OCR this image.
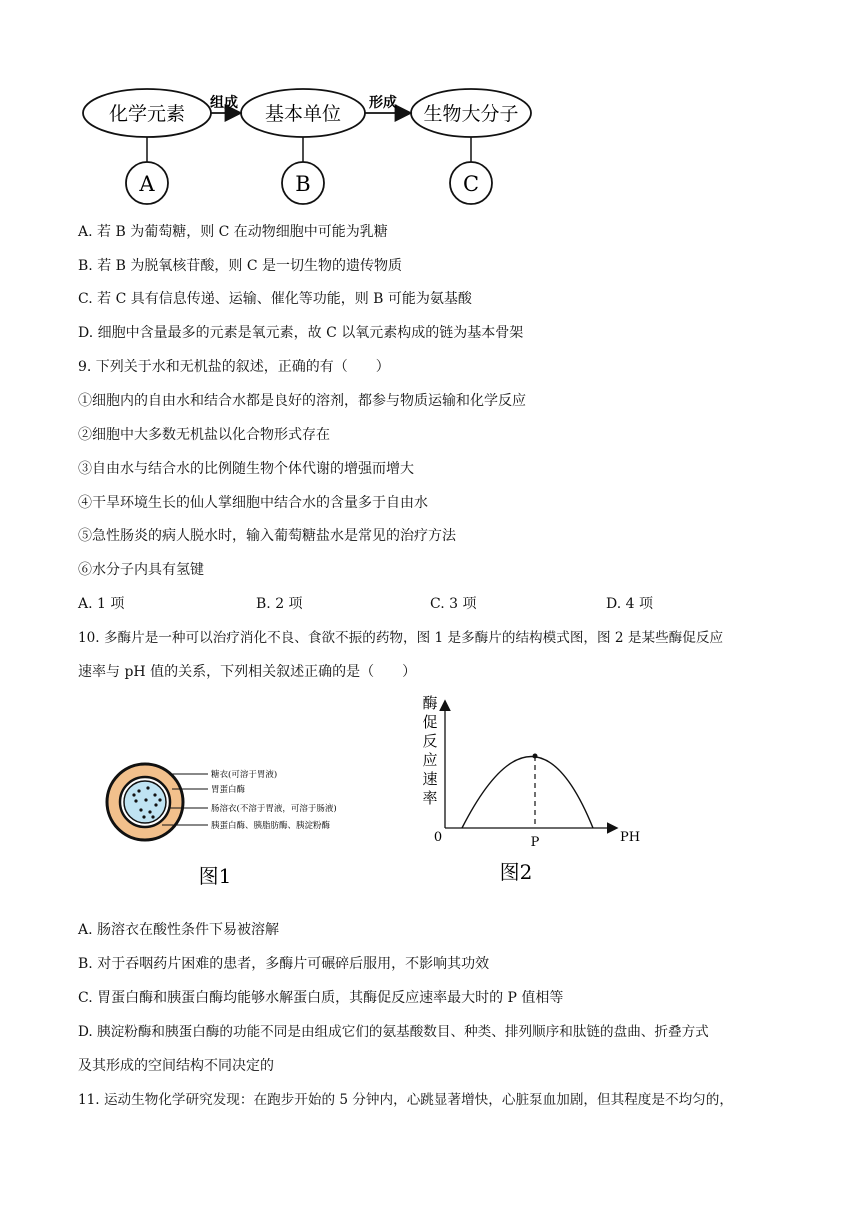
化学元素	基本单位	生物大分子
组成	形成
A	B	C
A. 若 B 为葡萄糖，则 C 在动物细胞中可能为乳糖
B. 若 B 为脱氧核苷酸，则 C 是一切生物的遗传物质
C. 若 C 具有信息传递、运输、催化等功能，则 B 可能为氨基酸
D. 细胞中含量最多的元素是氧元素，故 C 以氧元素构成的链为基本骨架
9. 下列关于水和无机盐的叙述，正确的有（　　）
①细胞内的自由水和结合水都是良好的溶剂，都参与物质运输和化学反应
②细胞中大多数无机盐以化合物形式存在
③自由水与结合水的比例随生物个体代谢的增强而增大
④干旱环境生长的仙人掌细胞中结合水的含量多于自由水
⑤急性肠炎的病人脱水时，输入葡萄糖盐水是常见的治疗方法
⑥水分子内具有氢键
A. 1 项	B. 2 项	C. 3 项	D. 4 项
10. 多酶片是一种可以治疗消化不良、食欲不振的药物，图 1 是多酶片的结构模式图，图 2 是某些酶促反应
速率与 pH 值的关系，下列相关叙述正确的是（　　）
糖衣(可溶于胃液)
胃蛋白酶
肠溶衣(不溶于胃液，可溶于肠液)
胰蛋白酶、胰脂肪酶、胰淀粉酶
图1
酶
促
反
应
速
率
0	P	PH
图2
A. 肠溶衣在酸性条件下易被溶解
B. 对于吞咽药片困难的患者，多酶片可碾碎后服用，不影响其功效
C. 胃蛋白酶和胰蛋白酶均能够水解蛋白质，其酶促反应速率最大时的 P 值相等
D. 胰淀粉酶和胰蛋白酶的功能不同是由组成它们的氨基酸数目、种类、排列顺序和肽链的盘曲、折叠方式
及其形成的空间结构不同决定的
11. 运动生物化学研究发现：在跑步开始的 5 分钟内，心跳显著增快，心脏泵血加剧，但其程度是不均匀的，
